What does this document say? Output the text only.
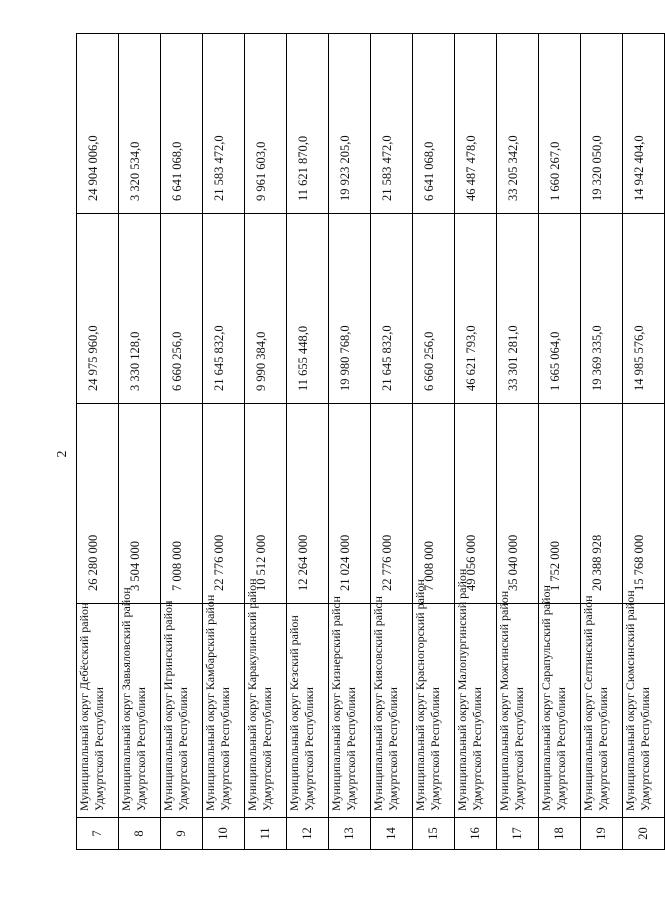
2
7	Муниципальный округ Дебёсский район Удмуртской Республики	26 280 000	24 975 960,0	24 904 006,0
8	Муниципальный округ Завьяловский район Удмуртской Республики	3 504 000	3 330 128,0	3 320 534,0
9	Муниципальный округ Игринский район Удмуртской Республики	7 008 000	6 660 256,0	6 641 068,0
10	Муниципальный округ Камбарский район Удмуртской Республики	22 776 000	21 645 832,0	21 583 472,0
11	Муниципальный округ Каракулинский район Удмуртской Республики	10 512 000	9 990 384,0	9 961 603,0
12	Муниципальный округ Кезский район Удмуртской Республики	12 264 000	11 655 448,0	11 621 870,0
13	Муниципальный округ Кизнерский район Удмуртской Республики	21 024 000	19 980 768,0	19 923 205,0
14	Муниципальный округ Киясовский район Удмуртской Республики	22 776 000	21 645 832,0	21 583 472,0
15	Муниципальный округ Красногорский район Удмуртской Республики	7 008 000	6 660 256,0	6 641 068,0
16	Муниципальный округ Малопургинский район Удмуртской Республики	49 056 000	46 621 793,0	46 487 478,0
17	Муниципальный округ Можгинский район Удмуртской Республики	35 040 000	33 301 281,0	33 205 342,0
18	Муниципальный округ Сарапульский район Удмуртской Республики	1 752 000	1 665 064,0	1 660 267,0
19	Муниципальный округ Селтинский район Удмуртской Республики	20 388 928	19 369 335,0	19 320 050,0
20	Муниципальный округ Сюмсинский район Удмуртской Республики	15 768 000	14 985 576,0	14 942 404,0
